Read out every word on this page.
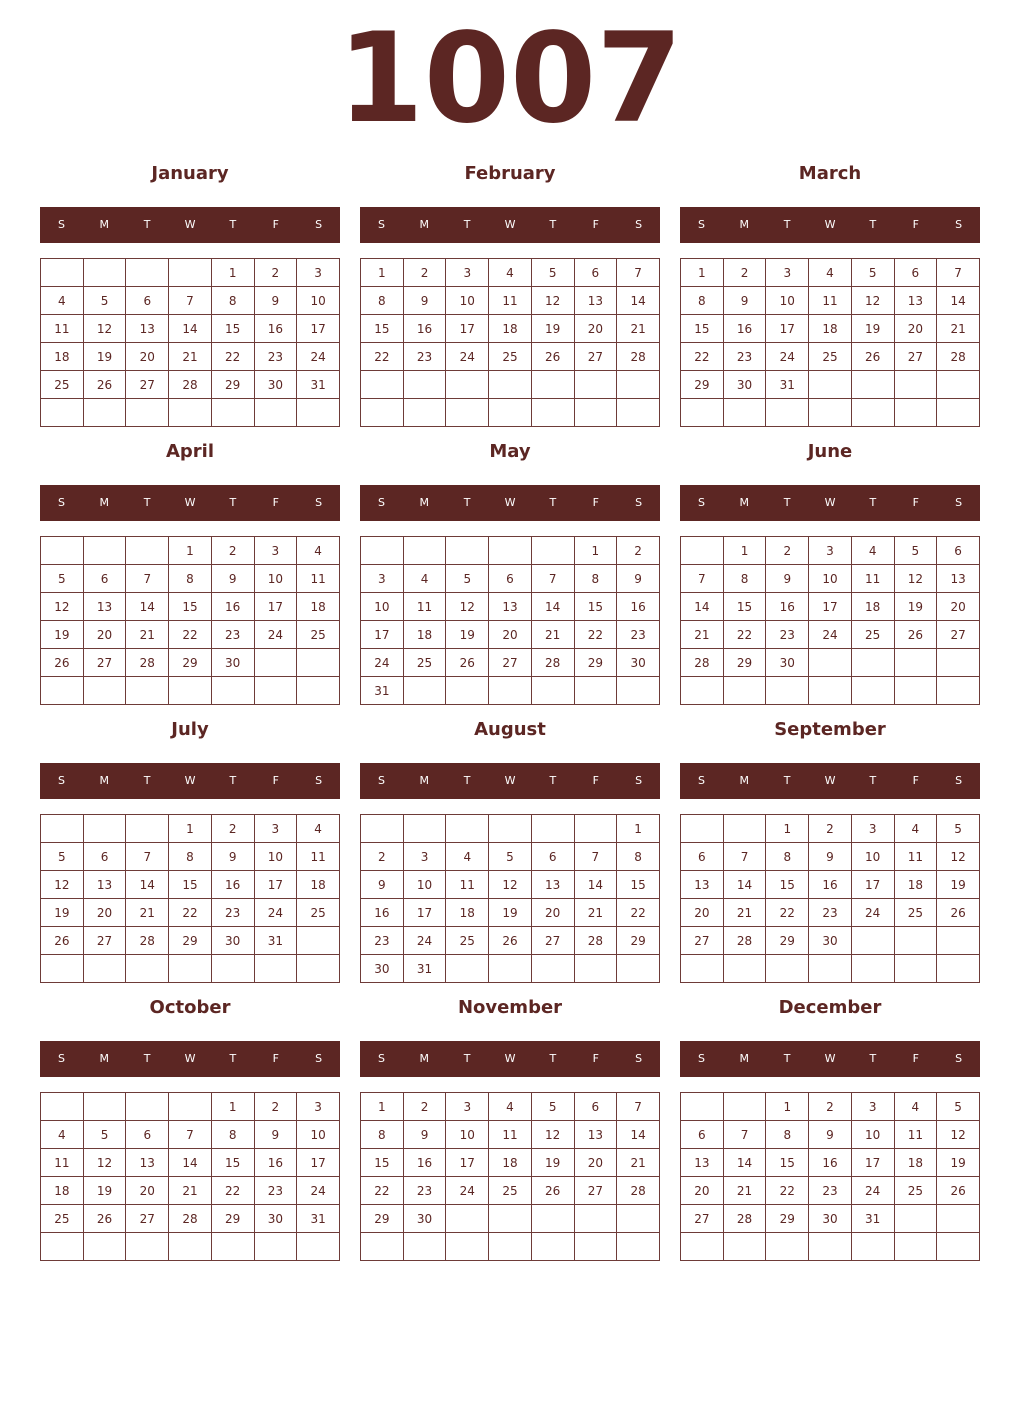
1007
January
S	M	T	W	T	F	S
				1	2	3
4	5	6	7	8	9	10
11	12	13	14	15	16	17
18	19	20	21	22	23	24
25	26	27	28	29	30	31

February
S	M	T	W	T	F	S
1	2	3	4	5	6	7
8	9	10	11	12	13	14
15	16	17	18	19	20	21
22	23	24	25	26	27	28

March
S	M	T	W	T	F	S
1	2	3	4	5	6	7
8	9	10	11	12	13	14
15	16	17	18	19	20	21
22	23	24	25	26	27	28
29	30	31				

April
S	M	T	W	T	F	S
			1	2	3	4
5	6	7	8	9	10	11
12	13	14	15	16	17	18
19	20	21	22	23	24	25
26	27	28	29	30		

May
S	M	T	W	T	F	S
					1	2
3	4	5	6	7	8	9
10	11	12	13	14	15	16
17	18	19	20	21	22	23
24	25	26	27	28	29	30
31						
June
S	M	T	W	T	F	S
	1	2	3	4	5	6
7	8	9	10	11	12	13
14	15	16	17	18	19	20
21	22	23	24	25	26	27
28	29	30				

July
S	M	T	W	T	F	S
			1	2	3	4
5	6	7	8	9	10	11
12	13	14	15	16	17	18
19	20	21	22	23	24	25
26	27	28	29	30	31	

August
S	M	T	W	T	F	S
						1
2	3	4	5	6	7	8
9	10	11	12	13	14	15
16	17	18	19	20	21	22
23	24	25	26	27	28	29
30	31					
September
S	M	T	W	T	F	S
		1	2	3	4	5
6	7	8	9	10	11	12
13	14	15	16	17	18	19
20	21	22	23	24	25	26
27	28	29	30			

October
S	M	T	W	T	F	S
				1	2	3
4	5	6	7	8	9	10
11	12	13	14	15	16	17
18	19	20	21	22	23	24
25	26	27	28	29	30	31

November
S	M	T	W	T	F	S
1	2	3	4	5	6	7
8	9	10	11	12	13	14
15	16	17	18	19	20	21
22	23	24	25	26	27	28
29	30					

December
S	M	T	W	T	F	S
		1	2	3	4	5
6	7	8	9	10	11	12
13	14	15	16	17	18	19
20	21	22	23	24	25	26
27	28	29	30	31		
